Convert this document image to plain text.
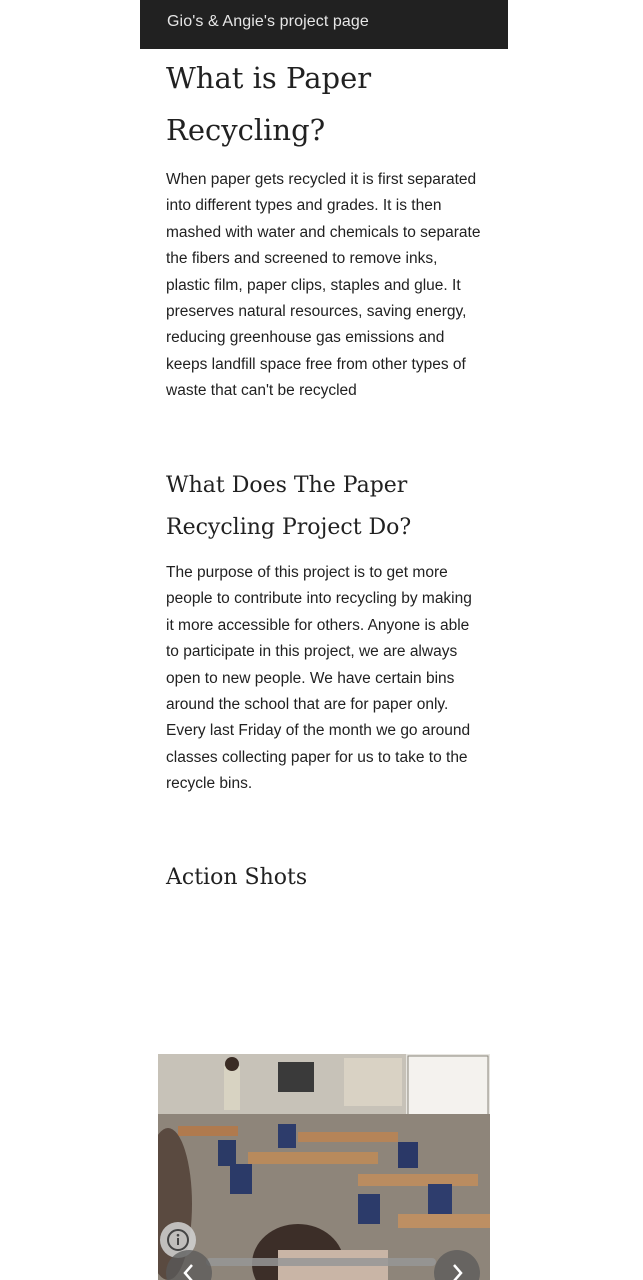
Gio's & Angie's project page
What is Paper Recycling?

When paper gets recycled it is first separated into different types and grades. It is then mashed with water and chemicals to separate the fibers and screened to remove inks, plastic film, paper clips, staples and glue. It preserves natural resources, saving energy, reducing greenhouse gas emissions and keeps landfill space free from other types of waste that can't be recycled

What Does The Paper Recycling Project Do?

The purpose of this project is to get more people to contribute into recycling by making it more accessible for others. Anyone is able to participate in this project, we are always open to new people. We have certain bins around the school that are for paper only. Every last Friday of the month we go around classes collecting paper for us to take to the recycle bins.

Action Shots
